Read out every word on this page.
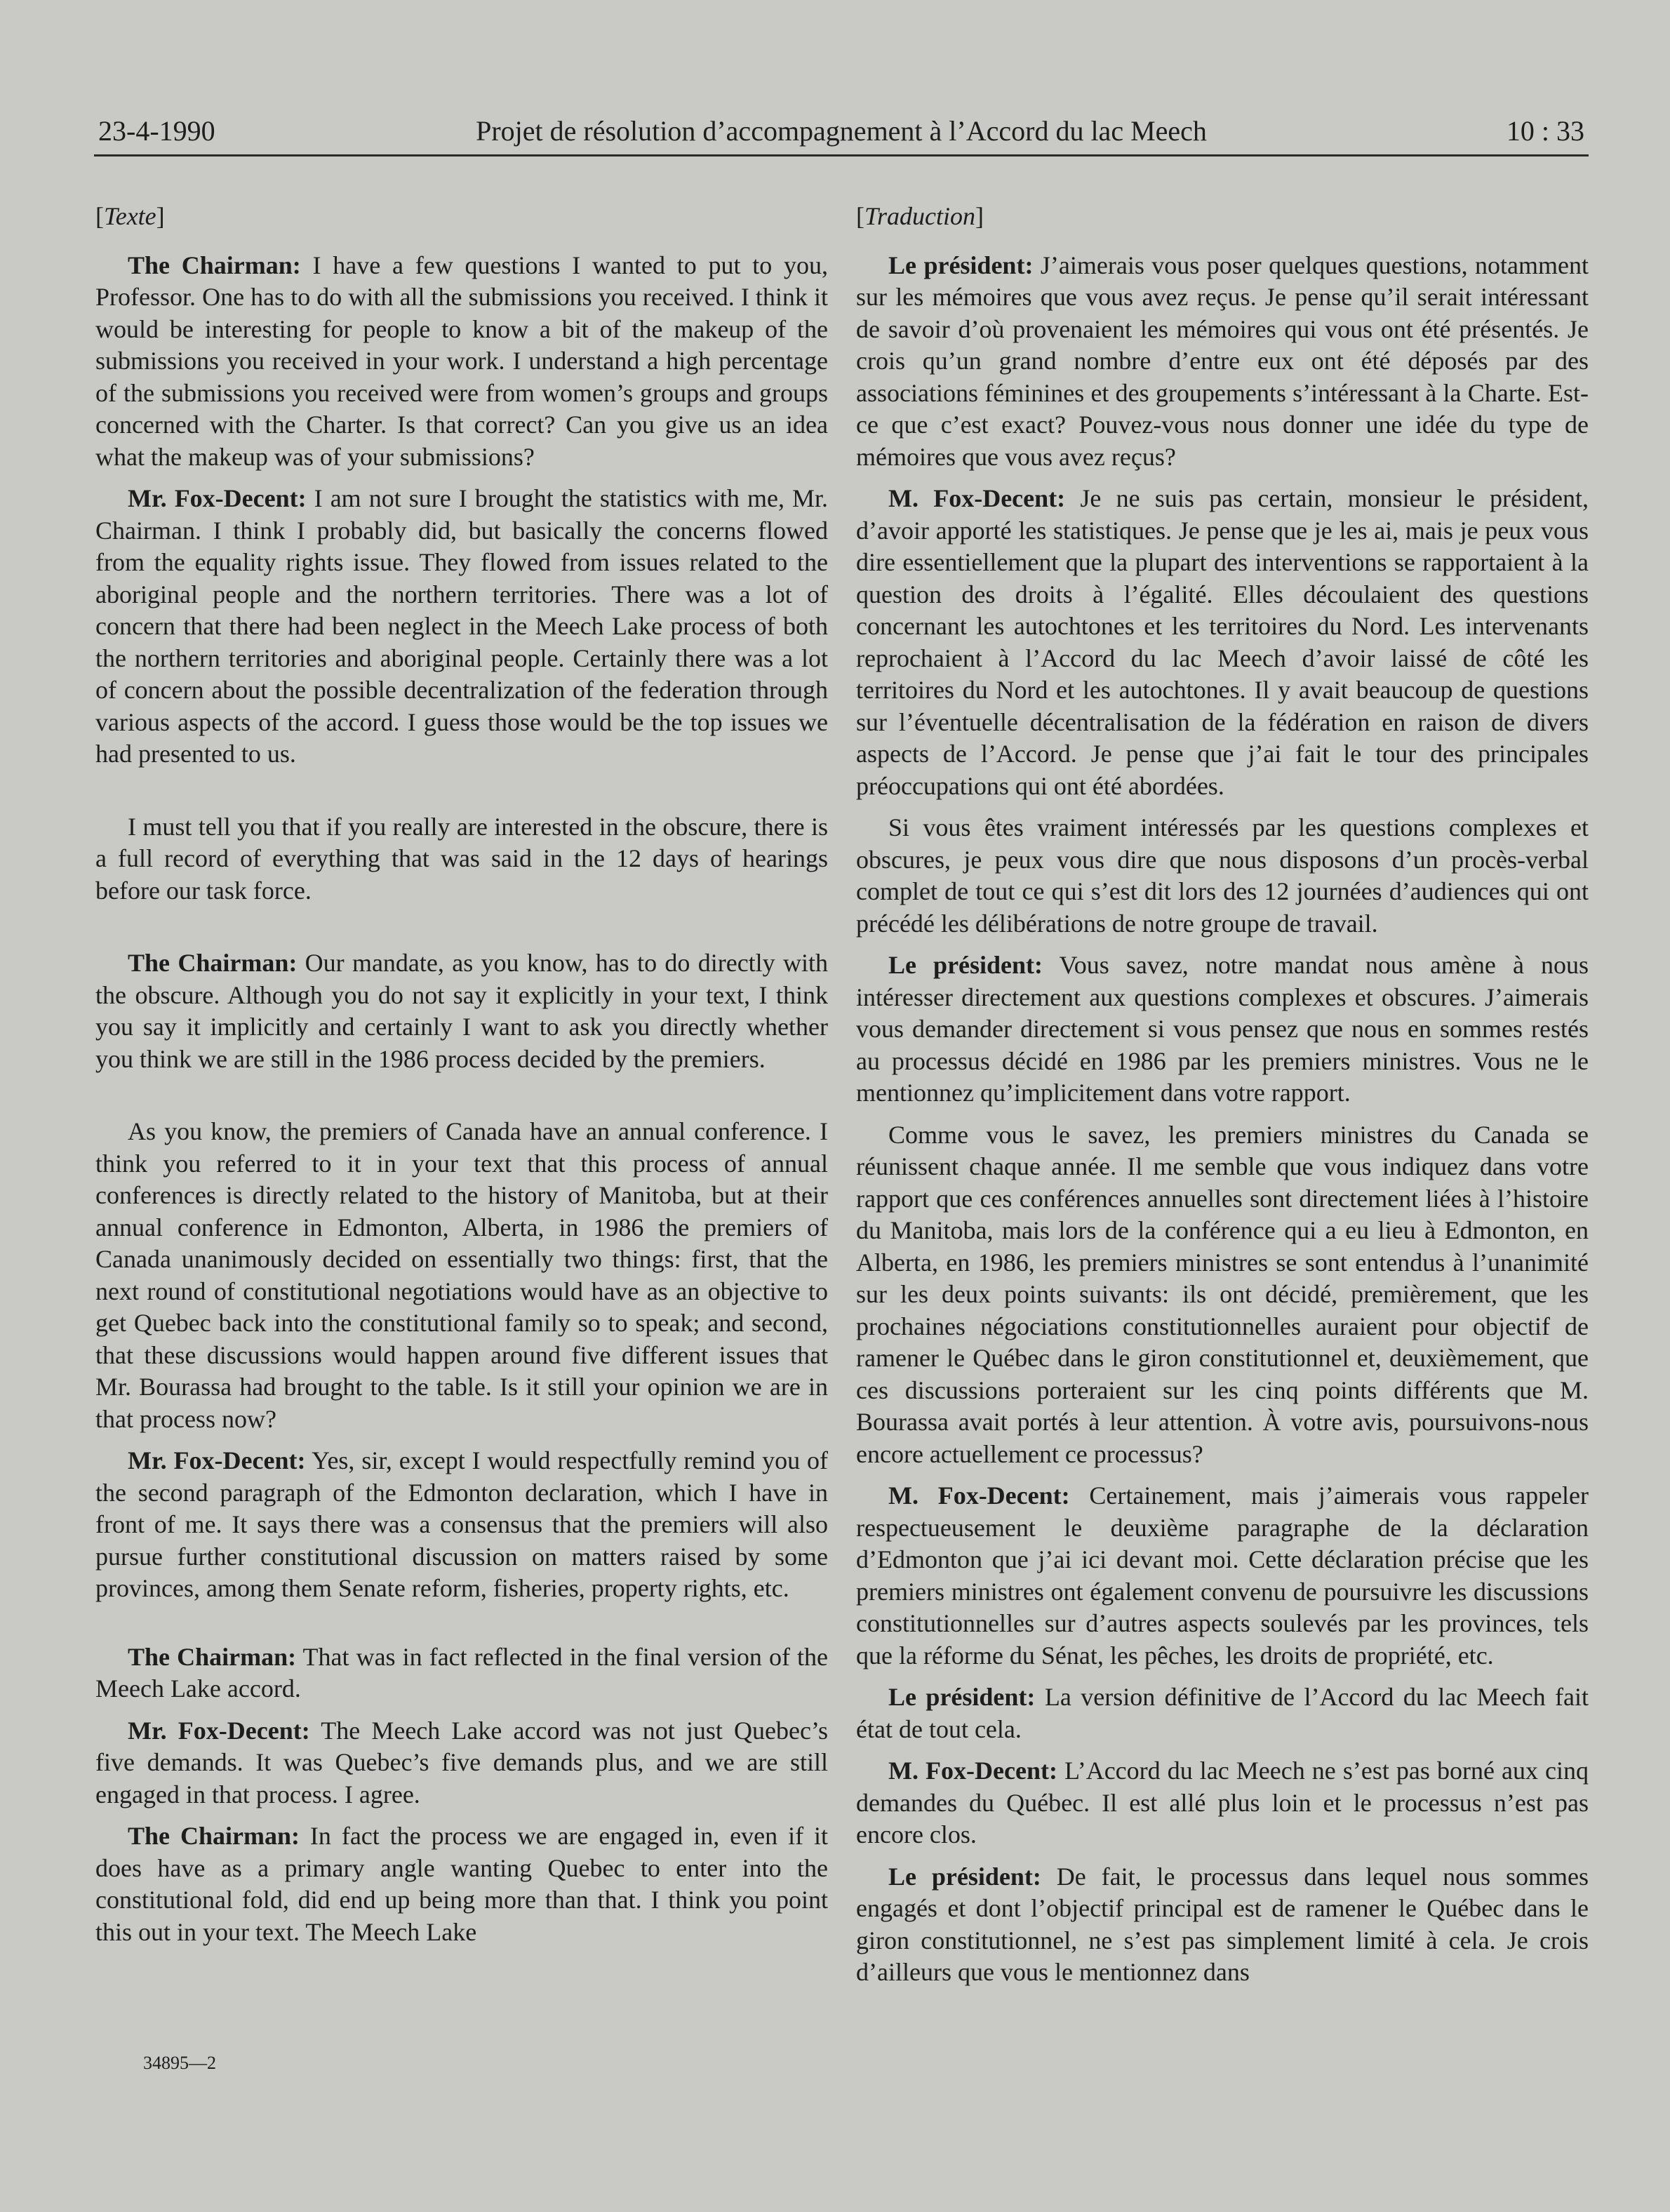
23-4-1990	Projet de résolution d’accompagnement à l’Accord du lac Meech	10 : 33
[ Texte ]

The Chairman: I have a few questions I wanted to put to you, Professor. One has to do with all the submissions you received. I think it would be interesting for people to know a bit of the makeup of the submissions you received in your work. I understand a high percentage of the submissions you received were from women’s groups and groups concerned with the Charter. Is that correct? Can you give us an idea what the makeup was of your submissions?

Mr. Fox-Decent: I am not sure I brought the statistics with me, Mr. Chairman. I think I probably did, but basically the concerns flowed from the equality rights issue. They flowed from issues related to the aboriginal people and the northern territories. There was a lot of concern that there had been neglect in the Meech Lake process of both the northern territories and aboriginal people. Certainly there was a lot of concern about the possible decentralization of the federation through various aspects of the accord. I guess those would be the top issues we had presented to us.

I must tell you that if you really are interested in the obscure, there is a full record of everything that was said in the 12 days of hearings before our task force.

The Chairman: Our mandate, as you know, has to do directly with the obscure. Although you do not say it explicitly in your text, I think you say it implicitly and certainly I want to ask you directly whether you think we are still in the 1986 process decided by the premiers.

As you know, the premiers of Canada have an annual conference. I think you referred to it in your text that this process of annual conferences is directly related to the history of Manitoba, but at their annual conference in Edmonton, Alberta, in 1986 the premiers of Canada unanimously decided on essentially two things: first, that the next round of constitutional negotiations would have as an objective to get Quebec back into the constitutional family so to speak; and second, that these discussions would happen around five different issues that Mr. Bourassa had brought to the table. Is it still your opinion we are in that process now?

Mr. Fox-Decent: Yes, sir, except I would respectfully remind you of the second paragraph of the Edmonton declaration, which I have in front of me. It says there was a consensus that the premiers will also pursue further constitutional discussion on matters raised by some provinces, among them Senate reform, fisheries, property rights, etc.

The Chairman: That was in fact reflected in the final version of the Meech Lake accord.

Mr. Fox-Decent: The Meech Lake accord was not just Quebec’s five demands. It was Quebec’s five demands plus, and we are still engaged in that process. I agree.

The Chairman: In fact the process we are engaged in, even if it does have as a primary angle wanting Quebec to enter into the constitutional fold, did end up being more than that. I think you point this out in your text. The Meech Lake

[ Traduction ]

Le président: J’aimerais vous poser quelques questions, notamment sur les mémoires que vous avez reçus. Je pense qu’il serait intéressant de savoir d’où provenaient les mémoires qui vous ont été présentés. Je crois qu’un grand nombre d’entre eux ont été déposés par des associations féminines et des groupements s’intéressant à la Charte. Est-ce que c’est exact? Pouvez-vous nous donner une idée du type de mémoires que vous avez reçus?

M. Fox-Decent: Je ne suis pas certain, monsieur le président, d’avoir apporté les statistiques. Je pense que je les ai, mais je peux vous dire essentiellement que la plupart des interventions se rapportaient à la question des droits à l’égalité. Elles découlaient des questions concernant les autochtones et les territoires du Nord. Les intervenants reprochaient à l’Accord du lac Meech d’avoir laissé de côté les territoires du Nord et les autochtones. Il y avait beaucoup de questions sur l’éventuelle décentralisation de la fédération en raison de divers aspects de l’Accord. Je pense que j’ai fait le tour des principales préoccupations qui ont été abordées.

Si vous êtes vraiment intéressés par les questions complexes et obscures, je peux vous dire que nous disposons d’un procès-verbal complet de tout ce qui s’est dit lors des 12 journées d’audiences qui ont précédé les délibérations de notre groupe de travail.

Le président: Vous savez, notre mandat nous amène à nous intéresser directement aux questions complexes et obscures. J’aimerais vous demander directement si vous pensez que nous en sommes restés au processus décidé en 1986 par les premiers ministres. Vous ne le mentionnez qu’implicitement dans votre rapport.

Comme vous le savez, les premiers ministres du Canada se réunissent chaque année. Il me semble que vous indiquez dans votre rapport que ces conférences annuelles sont directement liées à l’histoire du Manitoba, mais lors de la conférence qui a eu lieu à Edmonton, en Alberta, en 1986, les premiers ministres se sont entendus à l’unanimité sur les deux points suivants: ils ont décidé, premièrement, que les prochaines négociations constitutionnelles auraient pour objectif de ramener le Québec dans le giron constitutionnel et, deuxièmement, que ces discussions porteraient sur les cinq points différents que M. Bourassa avait portés à leur attention. À votre avis, poursuivons-nous encore actuellement ce processus?

M. Fox-Decent: Certainement, mais j’aimerais vous rappeler respectueusement le deuxième paragraphe de la déclaration d’Edmonton que j’ai ici devant moi. Cette déclaration précise que les premiers ministres ont également convenu de poursuivre les discussions constitutionnelles sur d’autres aspects soulevés par les provinces, tels que la réforme du Sénat, les pêches, les droits de propriété, etc.

Le président: La version définitive de l’Accord du lac Meech fait état de tout cela.

M. Fox-Decent: L’Accord du lac Meech ne s’est pas borné aux cinq demandes du Québec. Il est allé plus loin et le processus n’est pas encore clos.

Le président: De fait, le processus dans lequel nous sommes engagés et dont l’objectif principal est de ramener le Québec dans le giron constitutionnel, ne s’est pas simplement limité à cela. Je crois d’ailleurs que vous le mentionnez dans

34895—2
